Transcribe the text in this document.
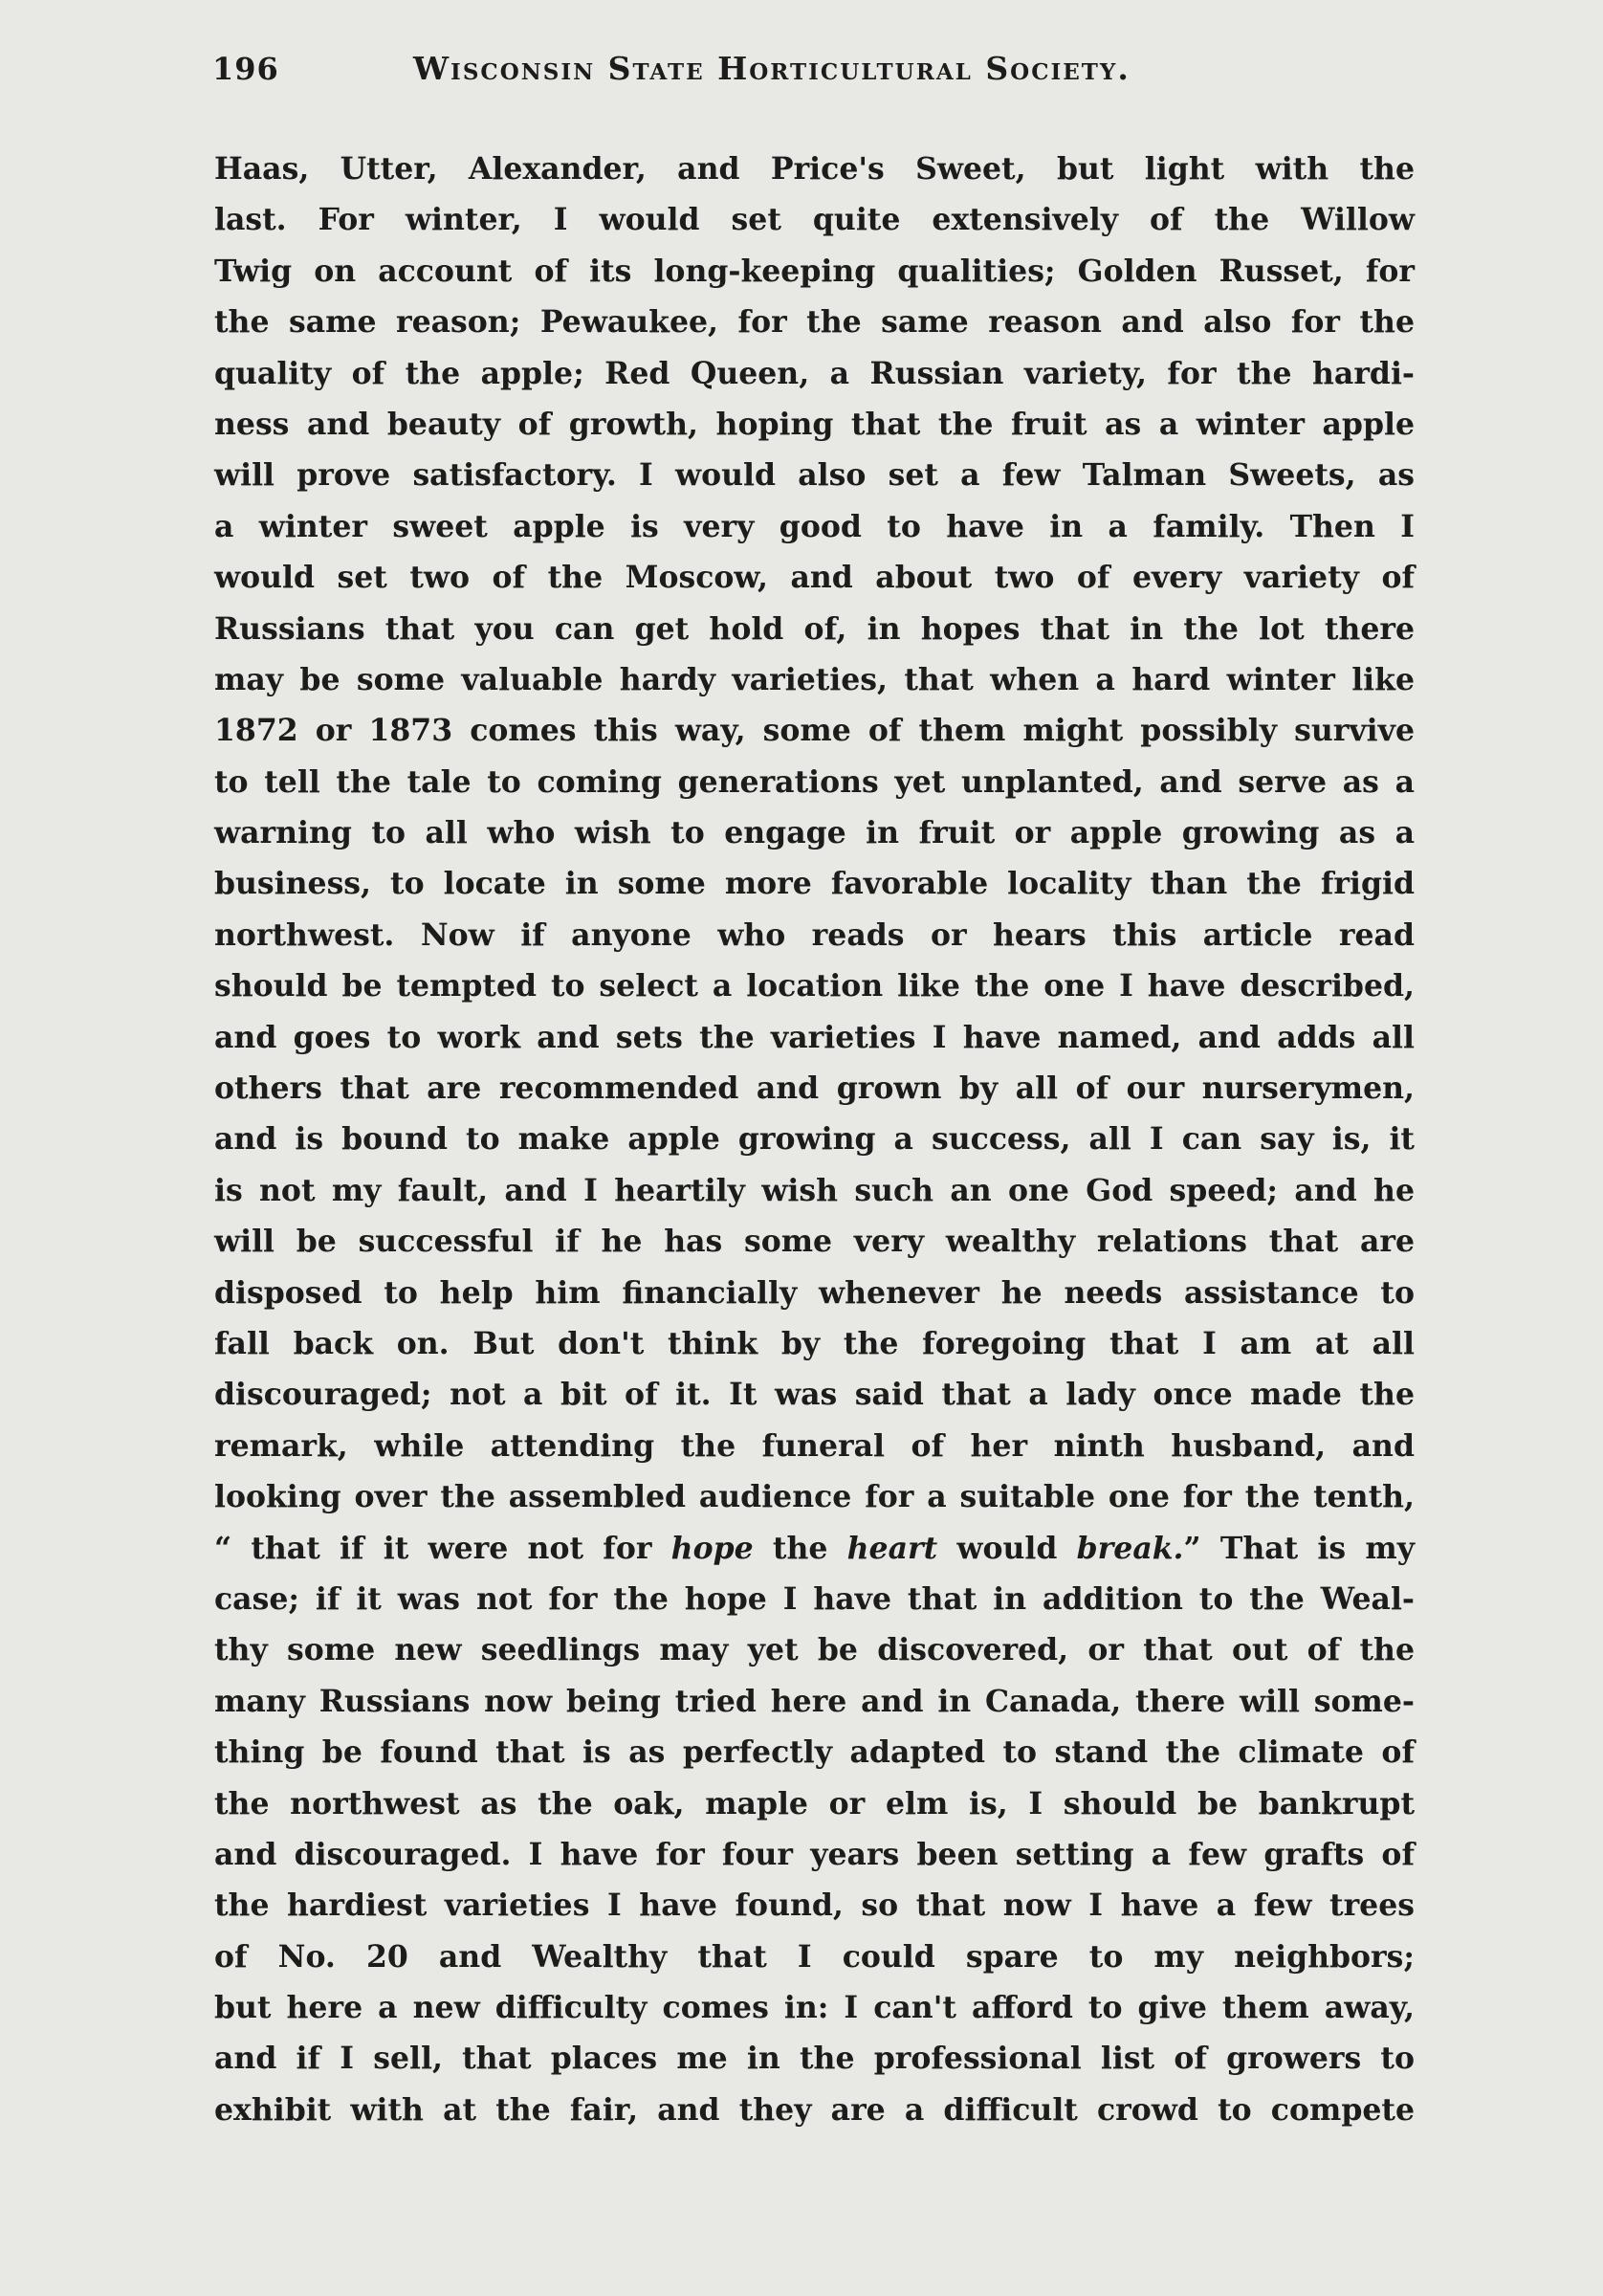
196	Wisconsin State Horticultural Society.
Haas, Utter, Alexander, and Price's Sweet, but light with the
last. For winter, I would set quite extensively of the Willow
Twig on account of its long-keeping qualities; Golden Russet, for
the same reason; Pewaukee, for the same reason and also for the
quality of the apple; Red Queen, a Russian variety, for the hardi-
ness and beauty of growth, hoping that the fruit as a winter apple
will prove satisfactory. I would also set a few Talman Sweets, as
a winter sweet apple is very good to have in a family. Then I
would set two of the Moscow, and about two of every variety of
Russians that you can get hold of, in hopes that in the lot there
may be some valuable hardy varieties, that when a hard winter like
1872 or 1873 comes this way, some of them might possibly survive
to tell the tale to coming generations yet unplanted, and serve as a
warning to all who wish to engage in fruit or apple growing as a
business, to locate in some more favorable locality than the frigid
northwest. Now if anyone who reads or hears this article read
should be tempted to select a location like the one I have described,
and goes to work and sets the varieties I have named, and adds all
others that are recommended and grown by all of our nurserymen,
and is bound to make apple growing a success, all I can say is, it
is not my fault, and I heartily wish such an one God speed; and he
will be successful if he has some very wealthy relations that are
disposed to help him financially whenever he needs assistance to
fall back on. But don't think by the foregoing that I am at all
discouraged; not a bit of it. It was said that a lady once made the
remark, while attending the funeral of her ninth husband, and
looking over the assembled audience for a suitable one for the tenth,
“ that if it were not for hope the heart would break.” That is my
case; if it was not for the hope I have that in addition to the Weal-
thy some new seedlings may yet be discovered, or that out of the
many Russians now being tried here and in Canada, there will some-
thing be found that is as perfectly adapted to stand the climate of
the northwest as the oak, maple or elm is, I should be bankrupt
and discouraged. I have for four years been setting a few grafts of
the hardiest varieties I have found, so that now I have a few trees
of No. 20 and Wealthy that I could spare to my neighbors;
but here a new difficulty comes in: I can't afford to give them away,
and if I sell, that places me in the professional list of growers to
exhibit with at the fair, and they are a difficult crowd to compete
